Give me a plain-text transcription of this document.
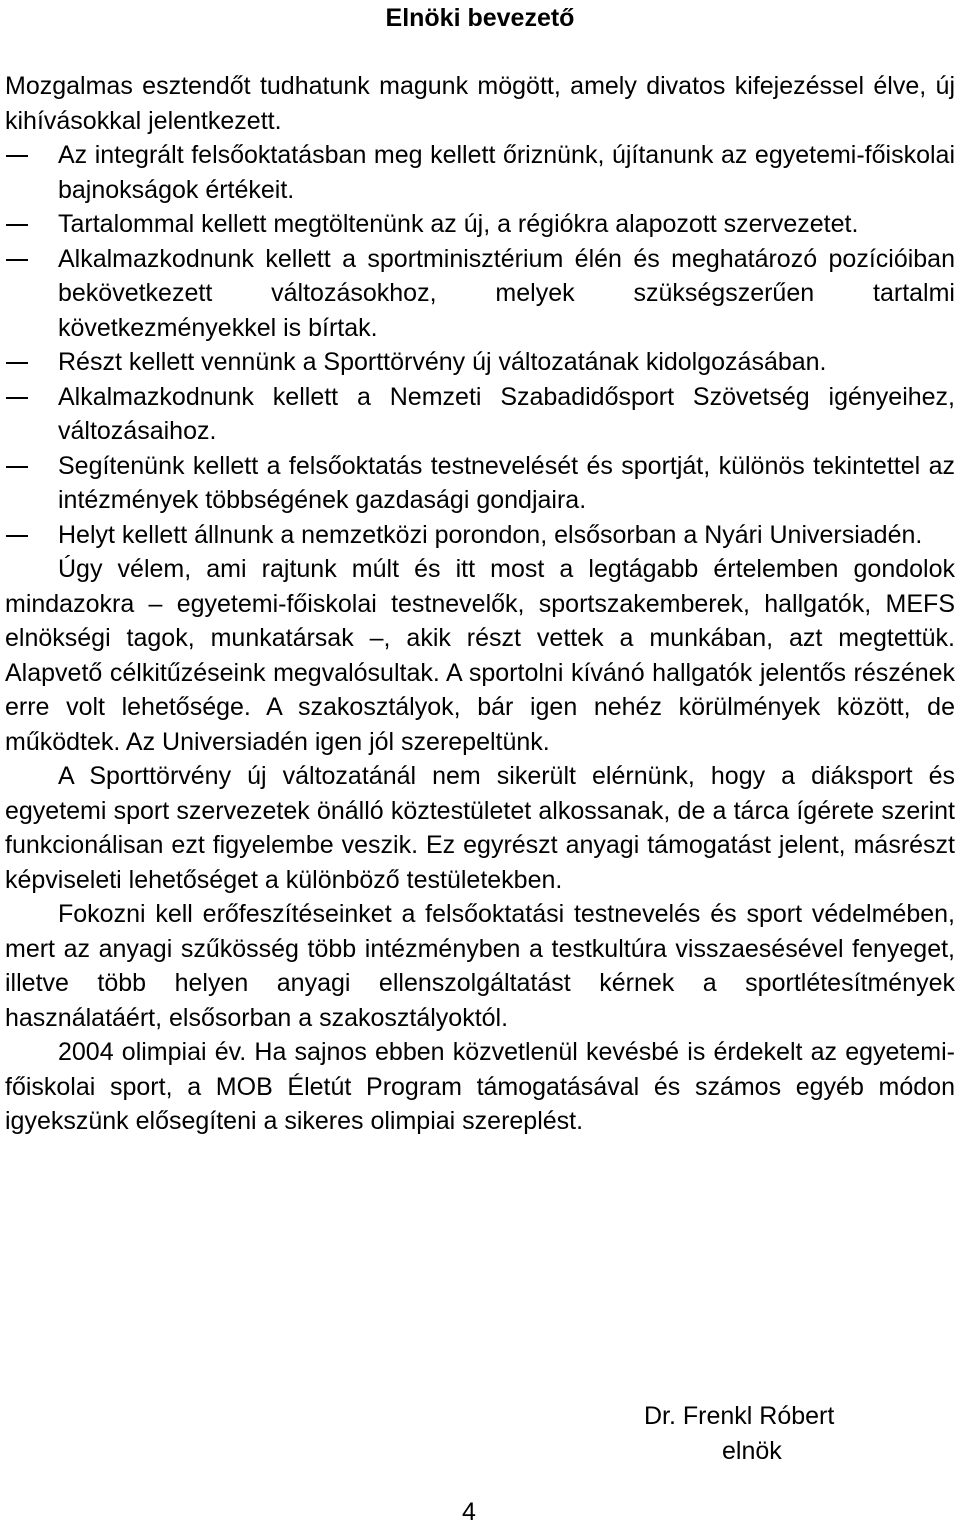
Elnöki bevezető

Mozgalmas esztendőt tudhatunk magunk mögött, amely divatos kifejezéssel élve, új kihívásokkal jelentkezett.

Az integrált felsőoktatásban meg kellett őriznünk, újítanunk az egyetemi-főiskolai bajnokságok értékeit.
Tartalommal kellett megtöltenünk az új, a régiókra alapozott szervezetet.
Alkalmazkodnunk kellett a sportminisztérium élén és meghatározó pozícióiban bekövetkezett változásokhoz, melyek szükségszerűen tartalmi következményekkel is bírtak.
Részt kellett vennünk a Sporttörvény új változatának kidolgozásában.
Alkalmazkodnunk kellett a Nemzeti Szabadidősport Szövetség igényeihez, változásaihoz.
Segítenünk kellett a felsőoktatás testnevelését és sportját, különös tekintettel az intézmények többségének gazdasági gondjaira.
Helyt kellett állnunk a nemzetközi porondon, elsősorban a Nyári Universiadén.

Úgy vélem, ami rajtunk múlt és itt most a legtágabb értelemben gondolok mindazokra – egyetemi-főiskolai testnevelők, sportszakemberek, hallgatók, MEFS elnökségi tagok, munkatársak –, akik részt vettek a munkában, azt megtettük. Alapvető célkitűzéseink megvalósultak. A sportolni kívánó hallgatók jelentős részének erre volt lehetősége. A szakosztályok, bár igen nehéz körülmények között, de működtek. Az Universiadén igen jól szerepeltünk.

A Sporttörvény új változatánál nem sikerült elérnünk, hogy a diáksport és egyetemi sport szervezetek önálló köztestületet alkossanak, de a tárca ígérete szerint funkcionálisan ezt figyelembe veszik. Ez egyrészt anyagi támogatást jelent, másrészt képviseleti lehetőséget a különböző testületekben.

Fokozni kell erőfeszítéseinket a felsőoktatási testnevelés és sport védelmében, mert az anyagi szűkösség több intézményben a testkultúra visszaesésével fenyeget, illetve több helyen anyagi ellenszolgáltatást kérnek a sportlétesítmények használatáért, elsősorban a szakosztályoktól.

2004 olimpiai év. Ha sajnos ebben közvetlenül kevésbé is érdekelt az egyetemi-főiskolai sport, a MOB Életút Program támogatásával és számos egyéb módon igyekszünk elősegíteni a sikeres olimpiai szereplést.

Dr. Frenkl Róbert
elnök
4
